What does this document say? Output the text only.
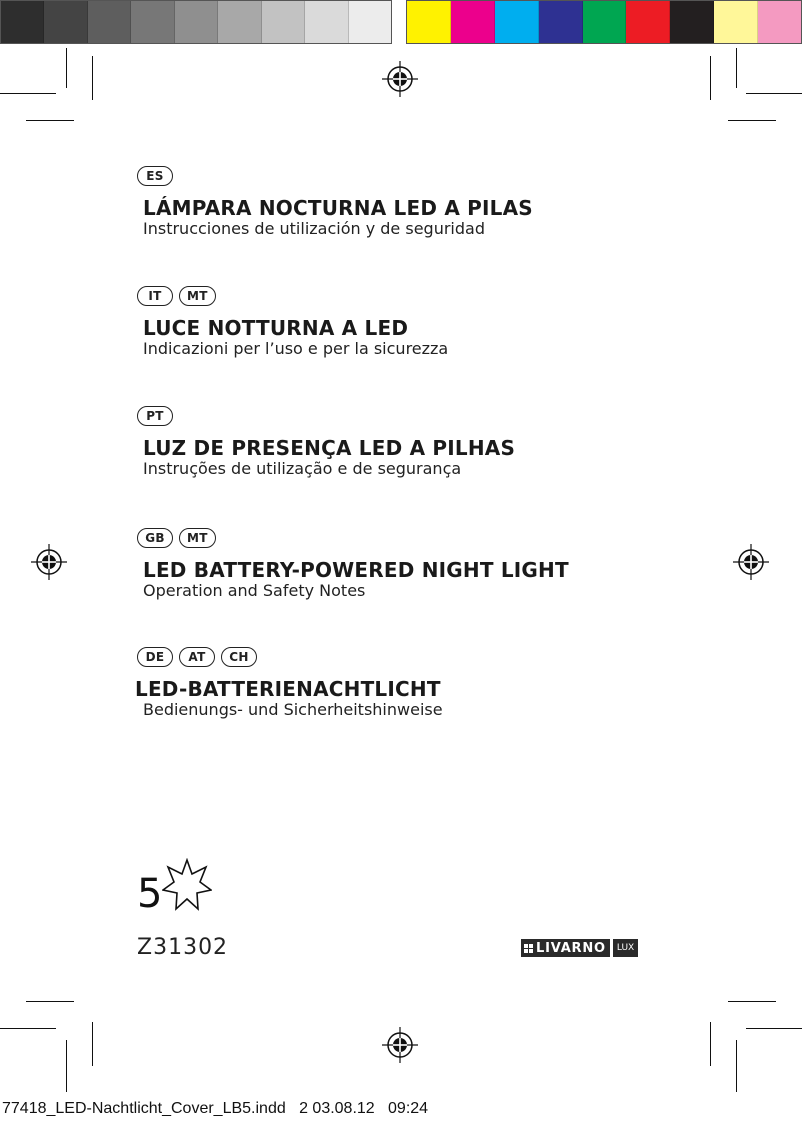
ES
LÁMPARA NOCTURNA LED A PILAS
Instrucciones de utilización y de seguridad
IT	MT
LUCE NOTTURNA A LED
Indicazioni per l’uso e per la sicurezza
PT
LUZ DE PRESENÇA LED A PILHAS
Instruções de utilização e de segurança
GB	MT
LED BATTERY-POWERED NIGHT LIGHT
Operation and Safety Notes
DE	AT	CH
LED-BATTERIENACHTLICHT
Bedienungs- und Sicherheitshinweise
5
Z31302	LIVARNO	LUX
77418_LED-Nachtlicht_Cover_LB5.indd   2 03.08.12   09:24
